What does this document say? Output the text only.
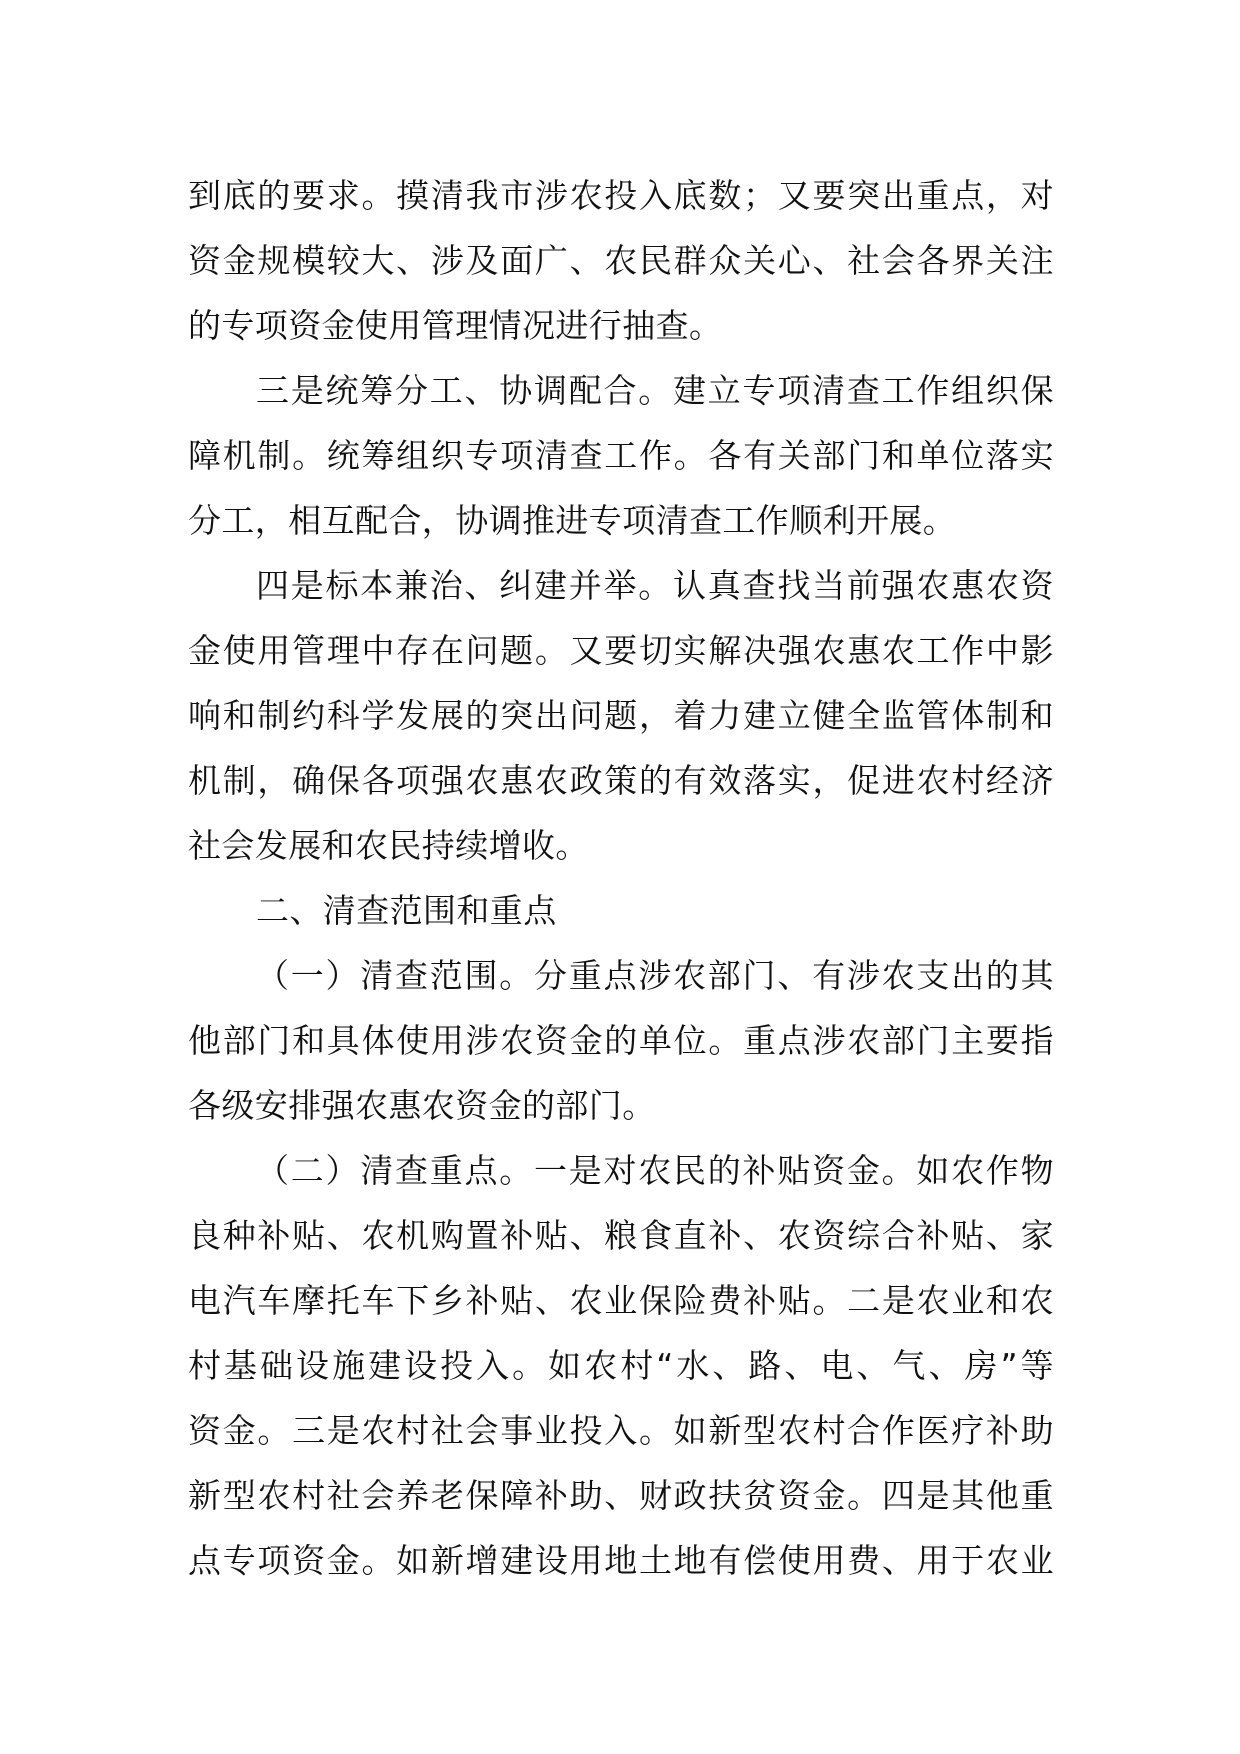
到底的要求。摸清我市涉农投入底数；又要突出重点，对
资金规模较大、涉及面广、农民群众关心、社会各界关注
的专项资金使用管理情况进行抽查。
三是统筹分工、协调配合。建立专项清查工作组织保
障机制。统筹组织专项清查工作。各有关部门和单位落实
分工，相互配合，协调推进专项清查工作顺利开展。
四是标本兼治、纠建并举。认真查找当前强农惠农资
金使用管理中存在问题。又要切实解决强农惠农工作中影
响和制约科学发展的突出问题，着力建立健全监管体制和
机制，确保各项强农惠农政策的有效落实，促进农村经济
社会发展和农民持续增收。
二、清查范围和重点
（一）清查范围。分重点涉农部门、有涉农支出的其
他部门和具体使用涉农资金的单位。重点涉农部门主要指
各级安排强农惠农资金的部门。
（二）清查重点。一是对农民的补贴资金。如农作物
良种补贴、农机购置补贴、粮食直补、农资综合补贴、家
电汽车摩托车下乡补贴、农业保险费补贴。二是农业和农
村基础设施建设投入。如农村“水、路、电、气、房”等
资金。三是农村社会事业投入。如新型农村合作医疗补助
新型农村社会养老保障补助、财政扶贫资金。四是其他重
点专项资金。如新增建设用地土地有偿使用费、用于农业
